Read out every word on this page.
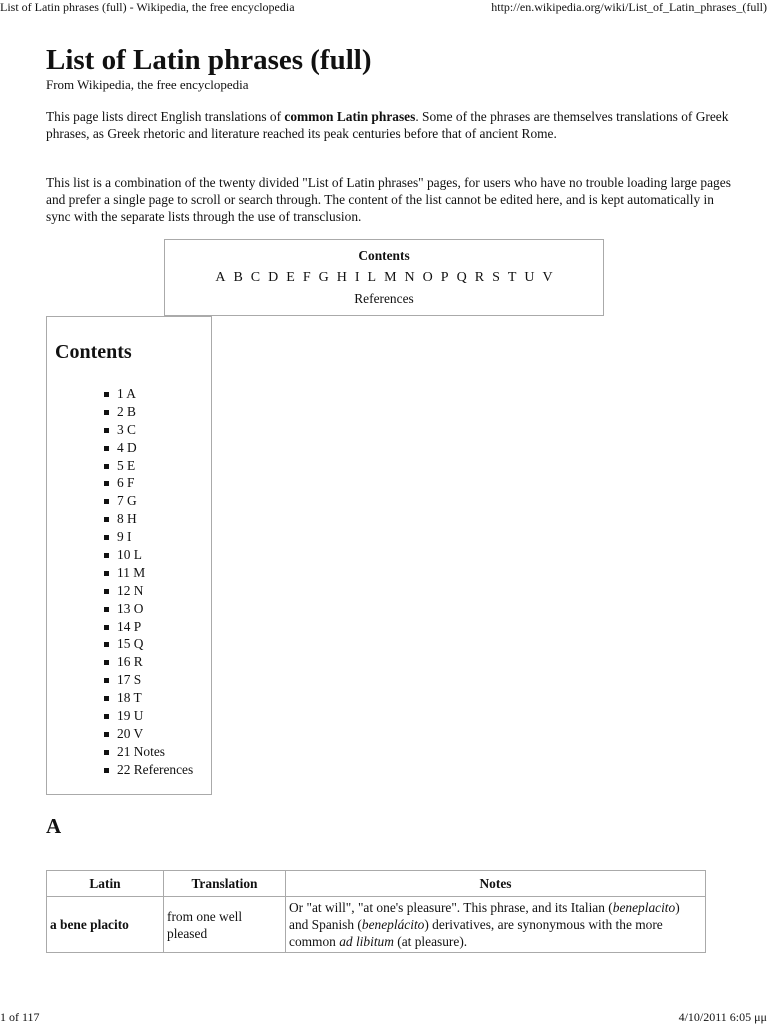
List of Latin phrases (full) - Wikipedia, the free encyclopedia	http://en.wikipedia.org/wiki/List_of_Latin_phrases_(full)
List of Latin phrases (full)
From Wikipedia, the free encyclopedia

This page lists direct English translations of common Latin phrases. Some of the phrases are themselves translations of Greek phrases, as Greek rhetoric and literature reached its peak centuries before that of ancient Rome.

This list is a combination of the twenty divided "List of Latin phrases" pages, for users who have no trouble loading large pages and prefer a single page to scroll or search through. The content of the list cannot be edited here, and is kept automatically in sync with the separate lists through the use of transclusion.

Contents
A B C D E F G H I L M N O P Q R S T U V
References
Contents
1 A
2 B
3 C
4 D
5 E
6 F
7 G
8 H
9 I
10 L
11 M
12 N
13 O
14 P
15 Q
16 R
17 S
18 T
19 U
20 V
21 Notes
22 References
A
Latin	Translation	Notes
a bene placito	from one well pleased	Or "at will", "at one's pleasure". This phrase, and its Italian (beneplacito) and Spanish (beneplácito) derivatives, are synonymous with the more common ad libitum (at pleasure).
1 of 117	4/10/2011 6:05 μμ
